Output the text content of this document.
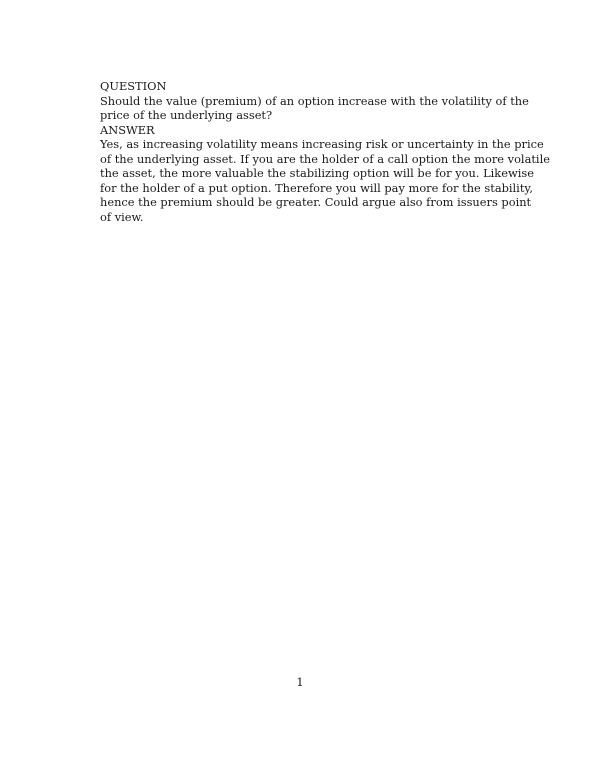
QUESTION
Should the value (premium) of an option increase with the volatility of the
price of the underlying asset?
ANSWER
Yes, as increasing volatility means increasing risk or uncertainty in the price
of the underlying asset. If you are the holder of a call option the more volatile
the asset, the more valuable the stabilizing option will be for you. Likewise
for the holder of a put option. Therefore you will pay more for the stability,
hence the premium should be greater. Could argue also from issuers point
of view.
1
